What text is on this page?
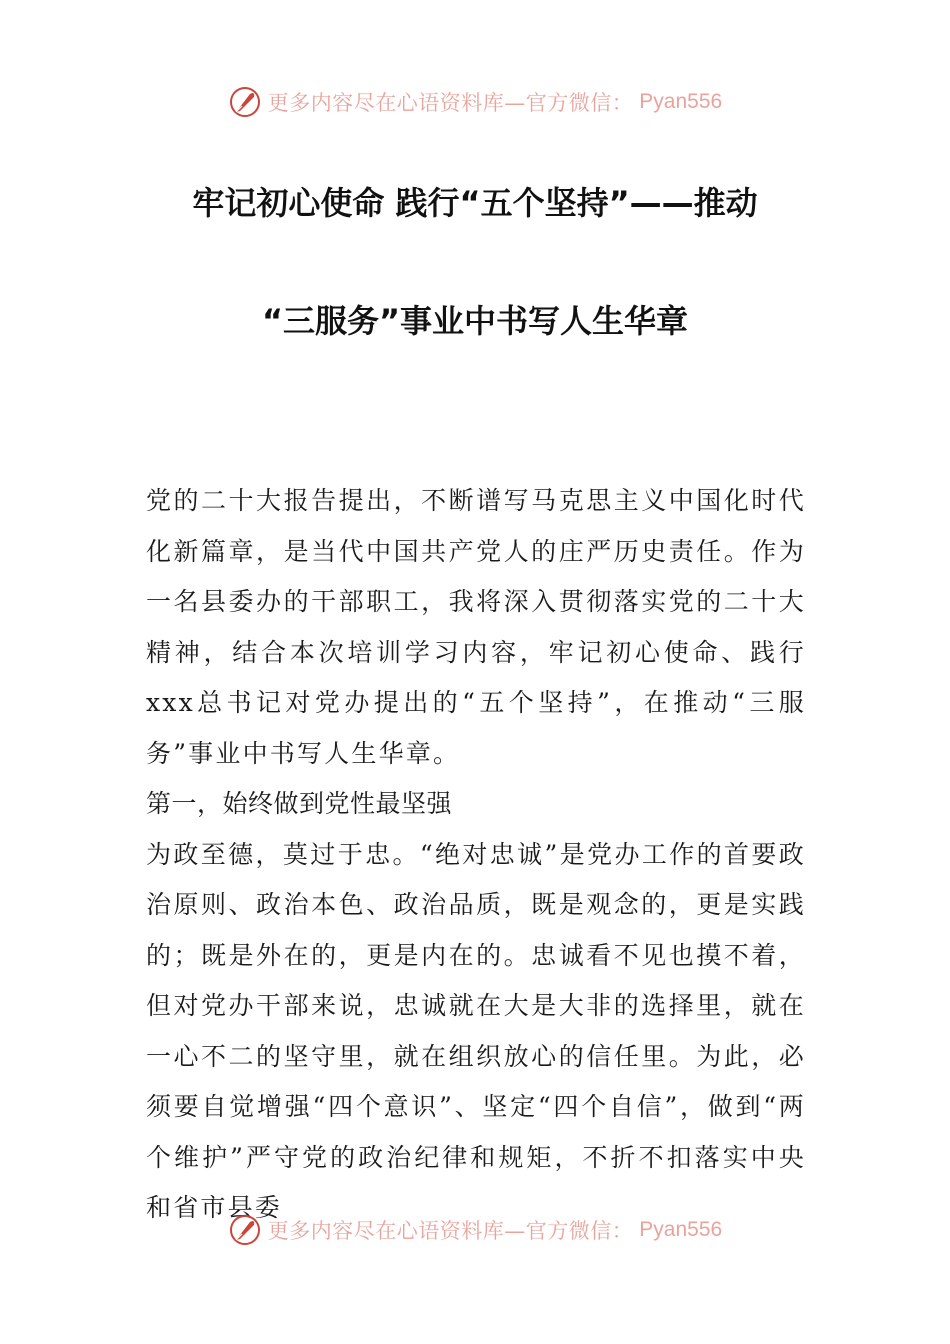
更多内容尽在心语资料库—官方微信： Pyan556
牢记初心使命 践行“五个坚持”——推动
“三服务”事业中书写人生华章

党的二十大报告提出，不断谱写马克思主义中国化时代化新篇章，是当代中国共产党人的庄严历史责任。作为一名县委办的干部职工，我将深入贯彻落实党的二十大精神，结合本次培训学习内容，牢记初心使命、践行xxx总书记对党办提出的“五个坚持”，在推动“三服务”事业中书写人生华章。

第一，始终做到党性最坚强

为政至德，莫过于忠。“绝对忠诚”是党办工作的首要政治原则、政治本色、政治品质，既是观念的，更是实践的；既是外在的，更是内在的。忠诚看不见也摸不着，但对党办干部来说，忠诚就在大是大非的选择里，就在一心不二的坚守里，就在组织放心的信任里。为此，必须要自觉增强“四个意识”、坚定“四个自信”，做到“两个维护”严守党的政治纪律和规矩，不折不扣落实中央和省市县委

更多内容尽在心语资料库—官方微信： Pyan556
